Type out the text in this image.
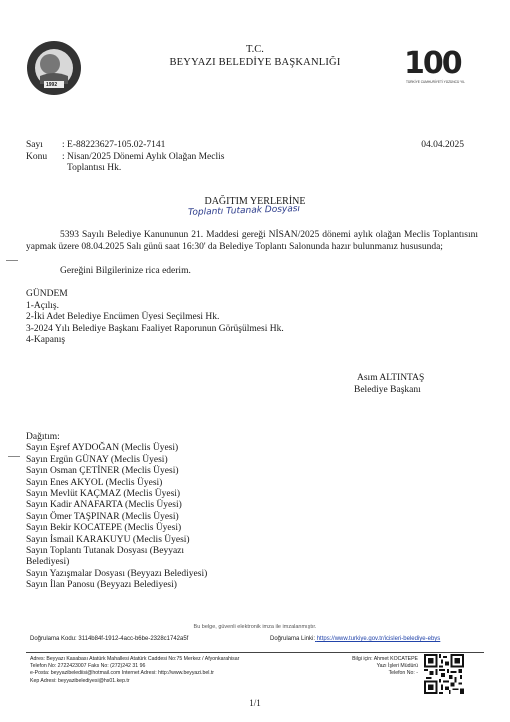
1992
T.C.
BEYYAZI BELEDİYE BAŞKANLIĞI	100
TÜRKİYE CUMHURİYETİ YÜZÜNCÜ YIL
Sayı : E-88223627-105.02-7141
Konu : Nisan/2025 Dönemi Aylık Olağan Meclis
Toplantısı Hk.
04.04.2025
DAĞITIM YERLERİNE
Toplantı Tutanak Dosyası
5393 Sayılı Belediye Kanununun 21. Maddesi gereği NİSAN/2025 dönemi aylık olağan Meclis Toplantısını yapmak üzere 08.04.2025 Salı günü saat 16:30' da Belediye Toplantı Salonunda hazır bulunmanız hususunda;
Gereğini Bilgilerinize rica ederim.
GÜNDEM
1-Açılış.
2-İki Adet Belediye Encümen Üyesi Seçilmesi Hk.
3-2024 Yılı Belediye Başkanı Faaliyet Raporunun Görüşülmesi Hk.
4-Kapanış
Asım ALTINTAŞ
Belediye Başkanı
Dağıtım:
Sayın Eşref AYDOĞAN (Meclis Üyesi)
Sayın Ergün GÜNAY (Meclis Üyesi)
Sayın Osman ÇETİNER (Meclis Üyesi)
Sayın Enes AKYOL (Meclis Üyesi)
Sayın Mevlüt KAÇMAZ (Meclis Üyesi)
Sayın Kadir ANAFARTA (Meclis Üyesi)
Sayın Ömer TAŞPINAR (Meclis Üyesi)
Sayın Bekir KOCATEPE (Meclis Üyesi)
Sayın İsmail KARAKUYU (Meclis Üyesi)
Sayın Toplantı Tutanak Dosyası (Beyyazı
Belediyesi)
Sayın Yazışmalar Dosyası (Beyyazı Belediyesi)
Sayın İlan Panosu (Beyyazı Belediyesi)
Bu belge, güvenli elektronik imza ile imzalanmıştır.
Doğrulama Kodu: 3114b84f-1912-4acc-b6be-2328c1742a5f	Doğrulama Linki: https://www.turkiye.gov.tr/icisleri-belediye-ebys
Adres: Beyyazı Kasabası Atatürk Mahallesi Atatürk Caddesi No:75 Merkez / Afyonkarahisar
Telefon No: 2722423007 Faks No: (272)242 31 96
e-Posta: beyyazibelediisi@hotmail.com Internet Adresi: http://www.beyyazi.bel.tr
Kep Adresi: beyyazibelediyesi@hs01.kep.tr
Bilgi için: Ahmet KOCATEPE
Yazı İşleri Müdürü
Telefon No: -
1/1
